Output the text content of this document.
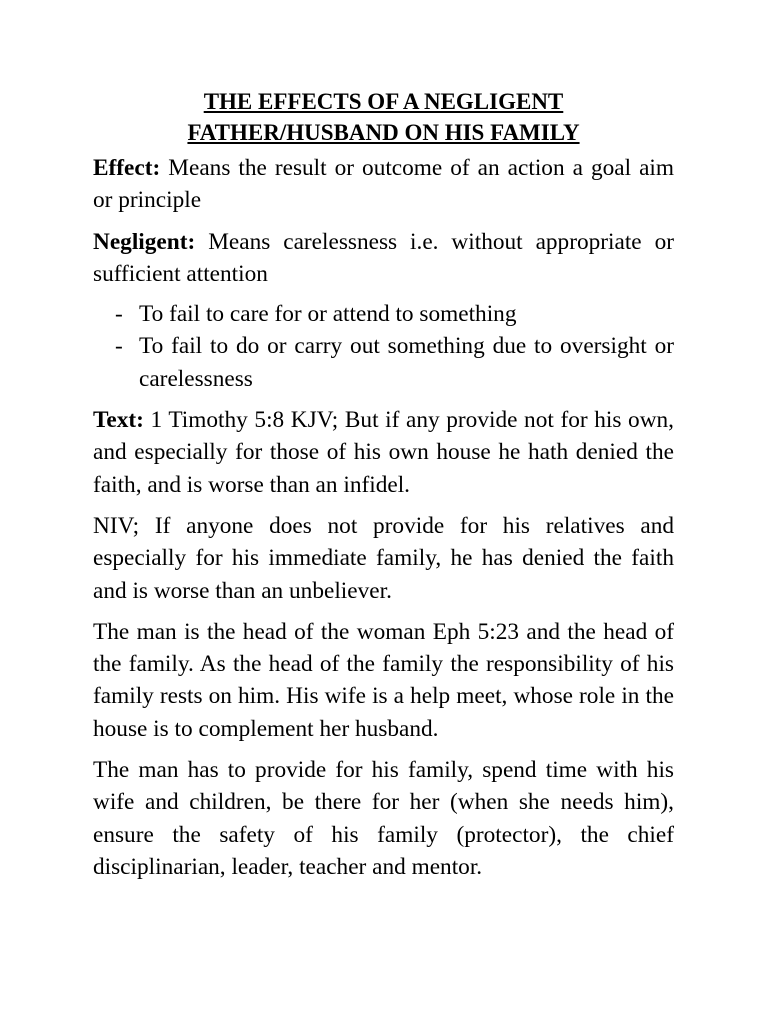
THE EFFECTS OF A NEGLIGENT
FATHER/HUSBAND ON HIS FAMILY

Effect: Means the result or outcome of an action a goal aim or principle

Negligent: Means carelessness i.e. without appropriate or sufficient attention

- To fail to care for or attend to something
- To fail to do or carry out something due to oversight or carelessness

Text: 1 Timothy 5:8 KJV; But if any provide not for his own, and especially for those of his own house he hath denied the faith, and is worse than an infidel.

NIV; If anyone does not provide for his relatives and especially for his immediate family, he has denied the faith and is worse than an unbeliever.

The man is the head of the woman Eph 5:23 and the head of the family. As the head of the family the responsibility of his family rests on him. His wife is a help meet, whose role in the house is to complement her husband.

The man has to provide for his family, spend time with his wife and children, be there for her (when she needs him), ensure the safety of his family (protector), the chief disciplinarian, leader, teacher and mentor.
